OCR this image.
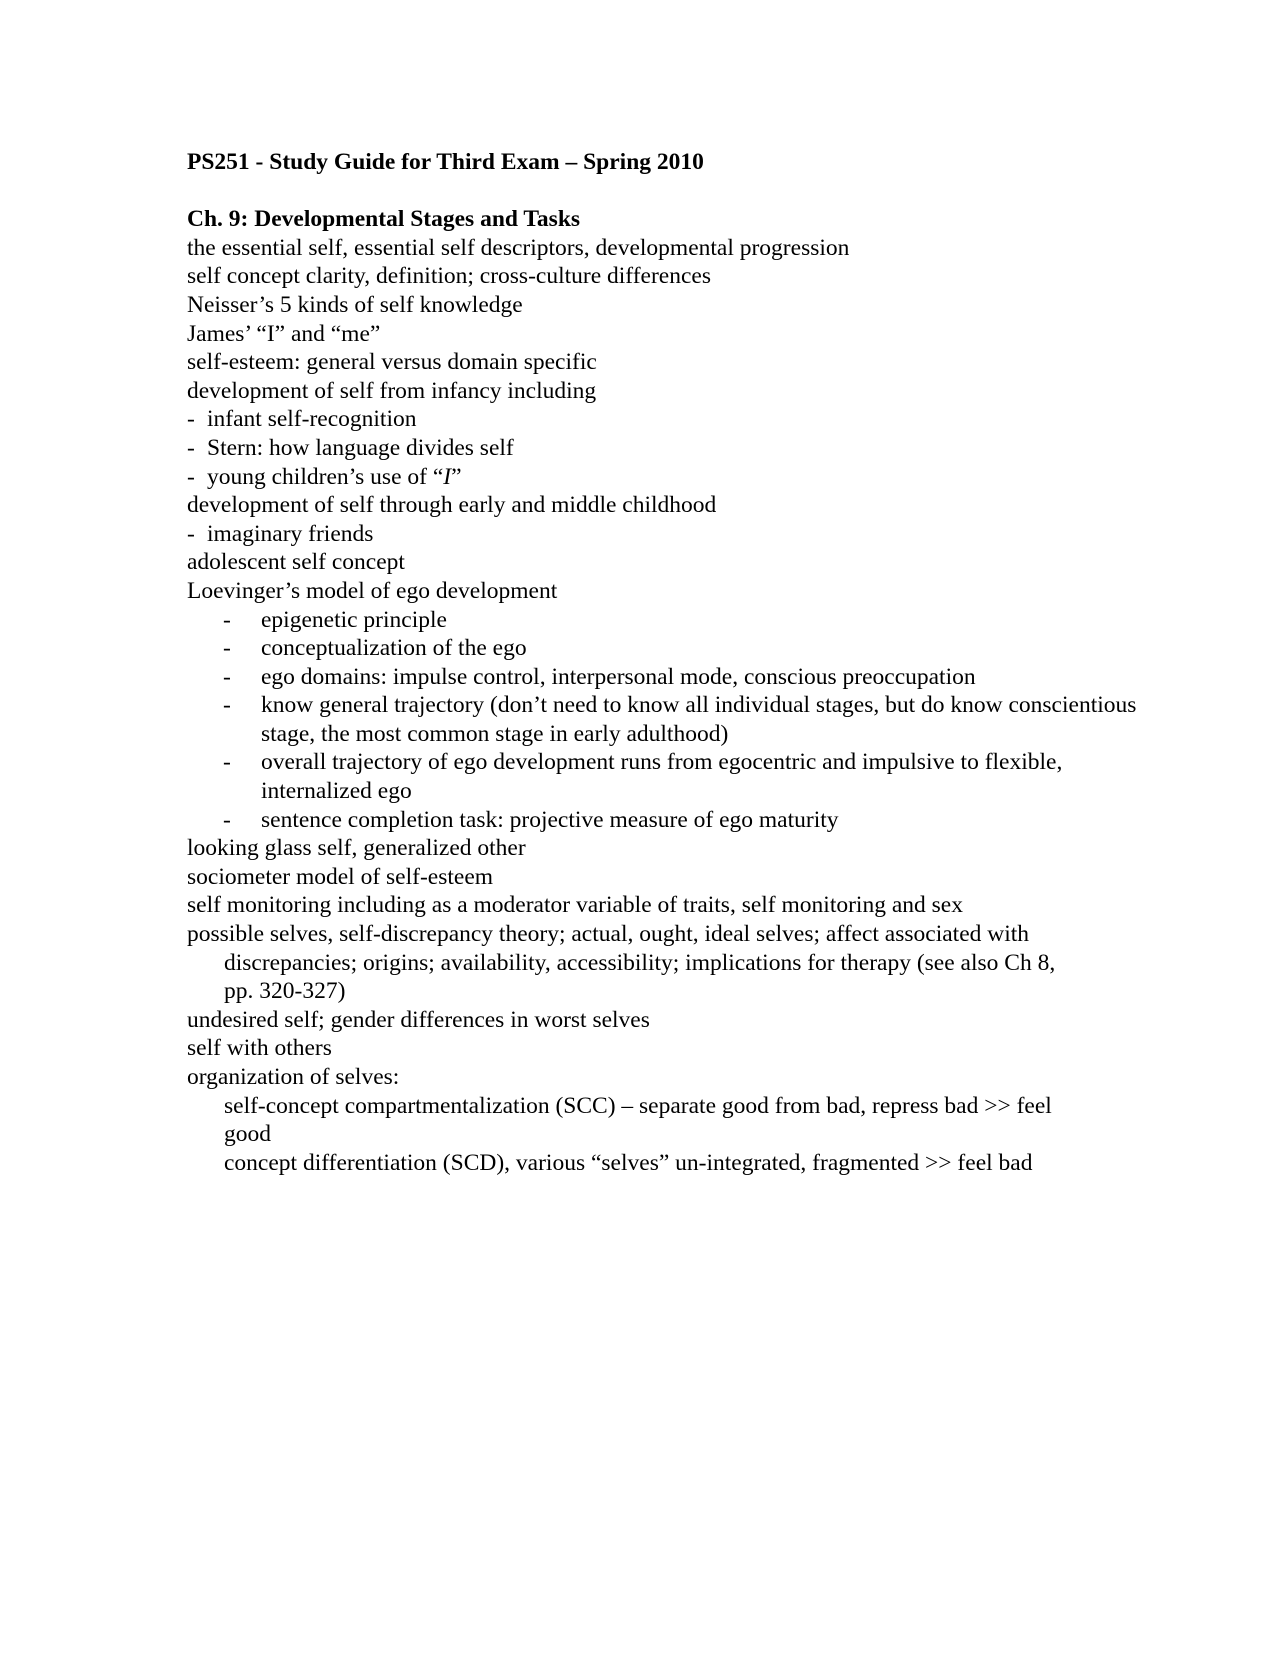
PS251 - Study Guide for Third Exam – Spring 2010

Ch. 9: Developmental Stages and Tasks

the essential self, essential self descriptors, developmental progression

self concept clarity, definition; cross-culture differences

Neisser’s 5 kinds of self knowledge

James’ “I” and “me”

self-esteem: general versus domain specific

development of self from infancy including

- infant self-recognition

- Stern: how language divides self

- young children’s use of “I”

development of self through early and middle childhood

- imaginary friends

adolescent self concept

Loevinger’s model of ego development

- epigenetic principle

- conceptualization of the ego

- ego domains: impulse control, interpersonal mode, conscious preoccupation

- know general trajectory (don’t need to know all individual stages, but do know conscientious stage, the most common stage in early adulthood)

- overall trajectory of ego development runs from egocentric and impulsive to flexible, internalized ego

- sentence completion task: projective measure of ego maturity

looking glass self, generalized other

sociometer model of self-esteem

self monitoring including as a moderator variable of traits, self monitoring and sex

possible selves, self-discrepancy theory; actual, ought, ideal selves; affect associated with discrepancies; origins; availability, accessibility; implications for therapy (see also Ch 8, pp. 320-327)

undesired self; gender differences in worst selves

self with others

organization of selves:

self-concept compartmentalization (SCC) – separate good from bad, repress bad >> feel good

concept differentiation (SCD), various “selves” un-integrated, fragmented >> feel bad
